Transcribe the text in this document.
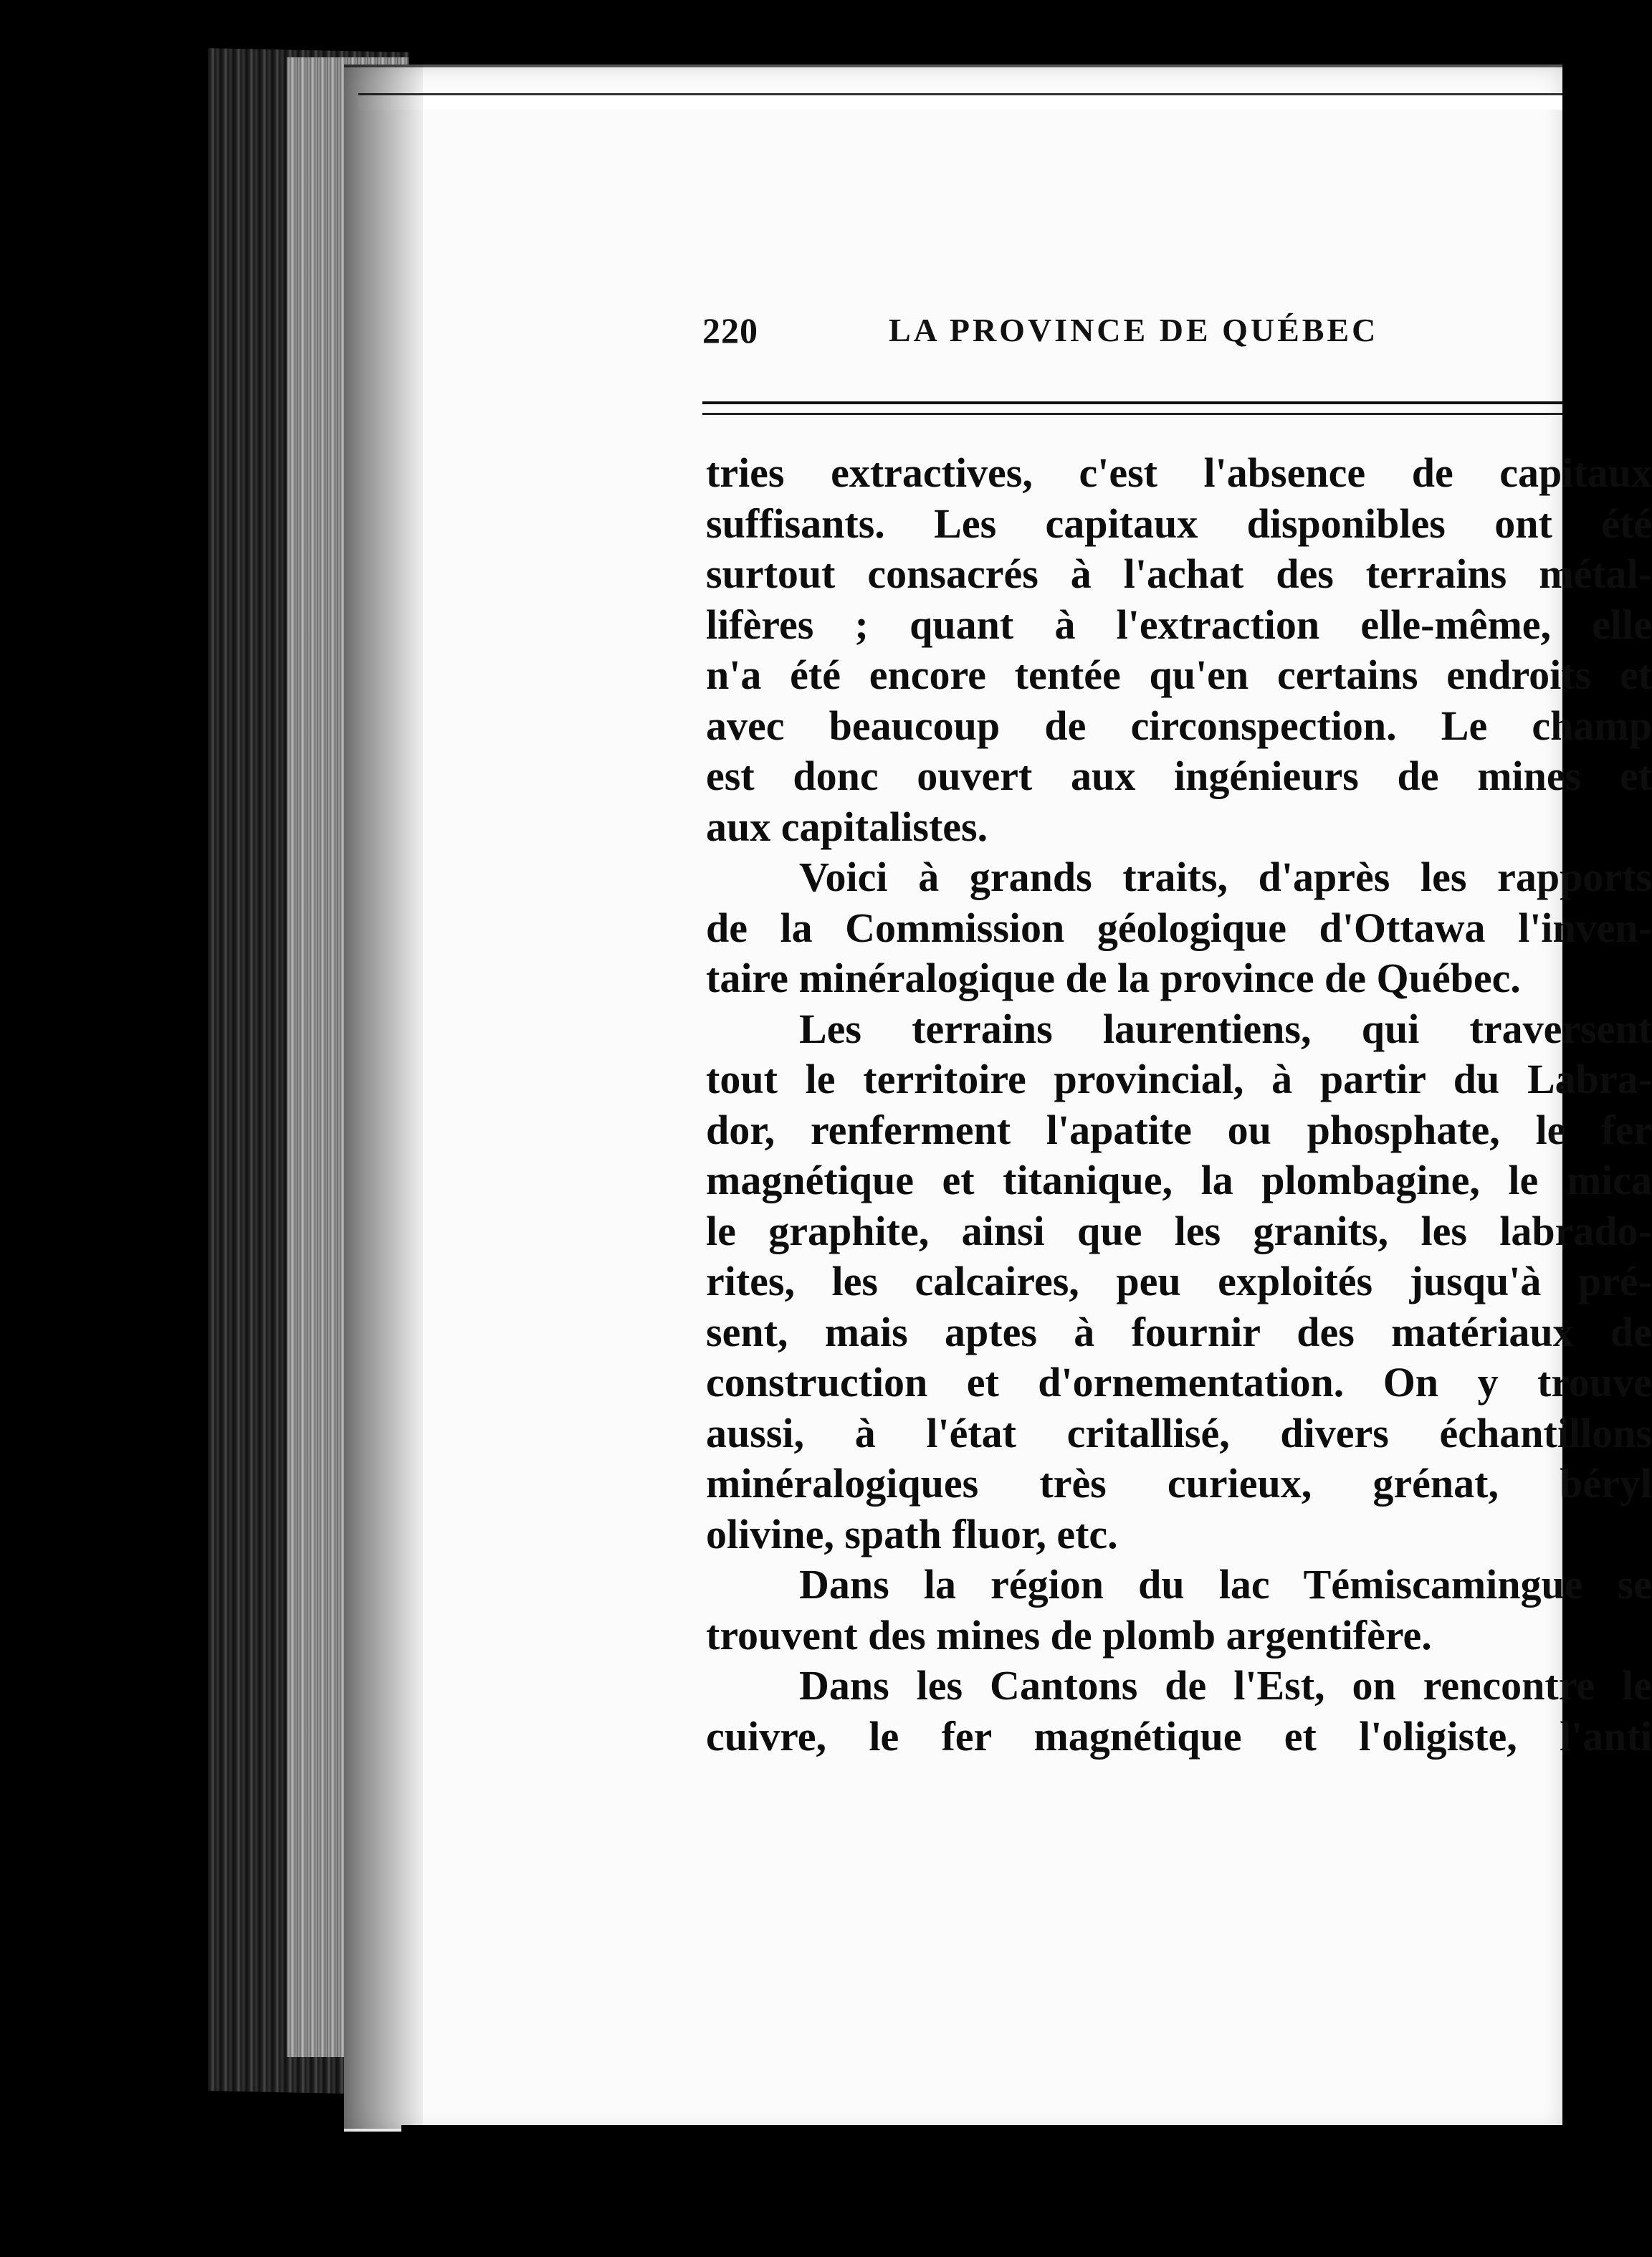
220	LA PROVINCE DE QUÉBEC
tries extractives, c'est l'absence de capitaux
suffisants. Les capitaux disponibles ont été
surtout consacrés à l'achat des terrains métal-
lifères ; quant à l'extraction elle-même, elle
n'a été encore tentée qu'en certains endroits et
avec beaucoup de circonspection. Le champ
est donc ouvert aux ingénieurs de mines et
aux capitalistes.
Voici à grands traits, d'après les rapports
de la Commission géologique d'Ottawa l'inven-
taire minéralogique de la province de Québec.
Les terrains laurentiens, qui traversent
tout le territoire provincial, à partir du Labra-
dor, renferment l'apatite ou phosphate, le fer
magnétique et titanique, la plombagine, le mica
le graphite, ainsi que les granits, les labrado-
rites, les calcaires, peu exploités jusqu'à pré-
sent, mais aptes à fournir des matériaux de
construction et d'ornementation. On y trouve
aussi, à l'état critallisé, divers échantillons
minéralogiques très curieux, grénat, béryl
olivine, spath fluor, etc.
Dans la région du lac Témiscamingue se
trouvent des mines de plomb argentifère.
Dans les Cantons de l'Est, on rencontre le
cuivre, le fer magnétique et l'oligiste, l'anti
